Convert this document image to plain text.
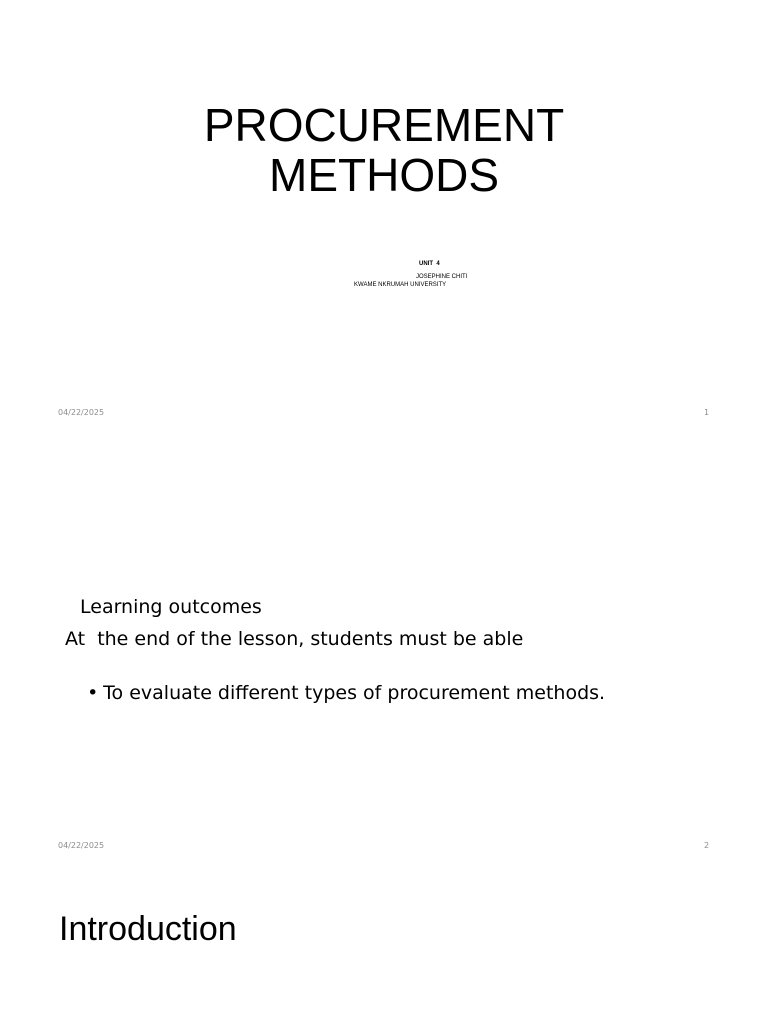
PROCUREMENT
METHODS
UNIT  4
JOSEPHINE CHITI
KWAME NKRUMAH UNIVERSITY
04/22/2025	1
Learning outcomes
At  the end of the lesson, students must be able

• To evaluate different types of procurement methods.

04/22/2025	2
Introduction
